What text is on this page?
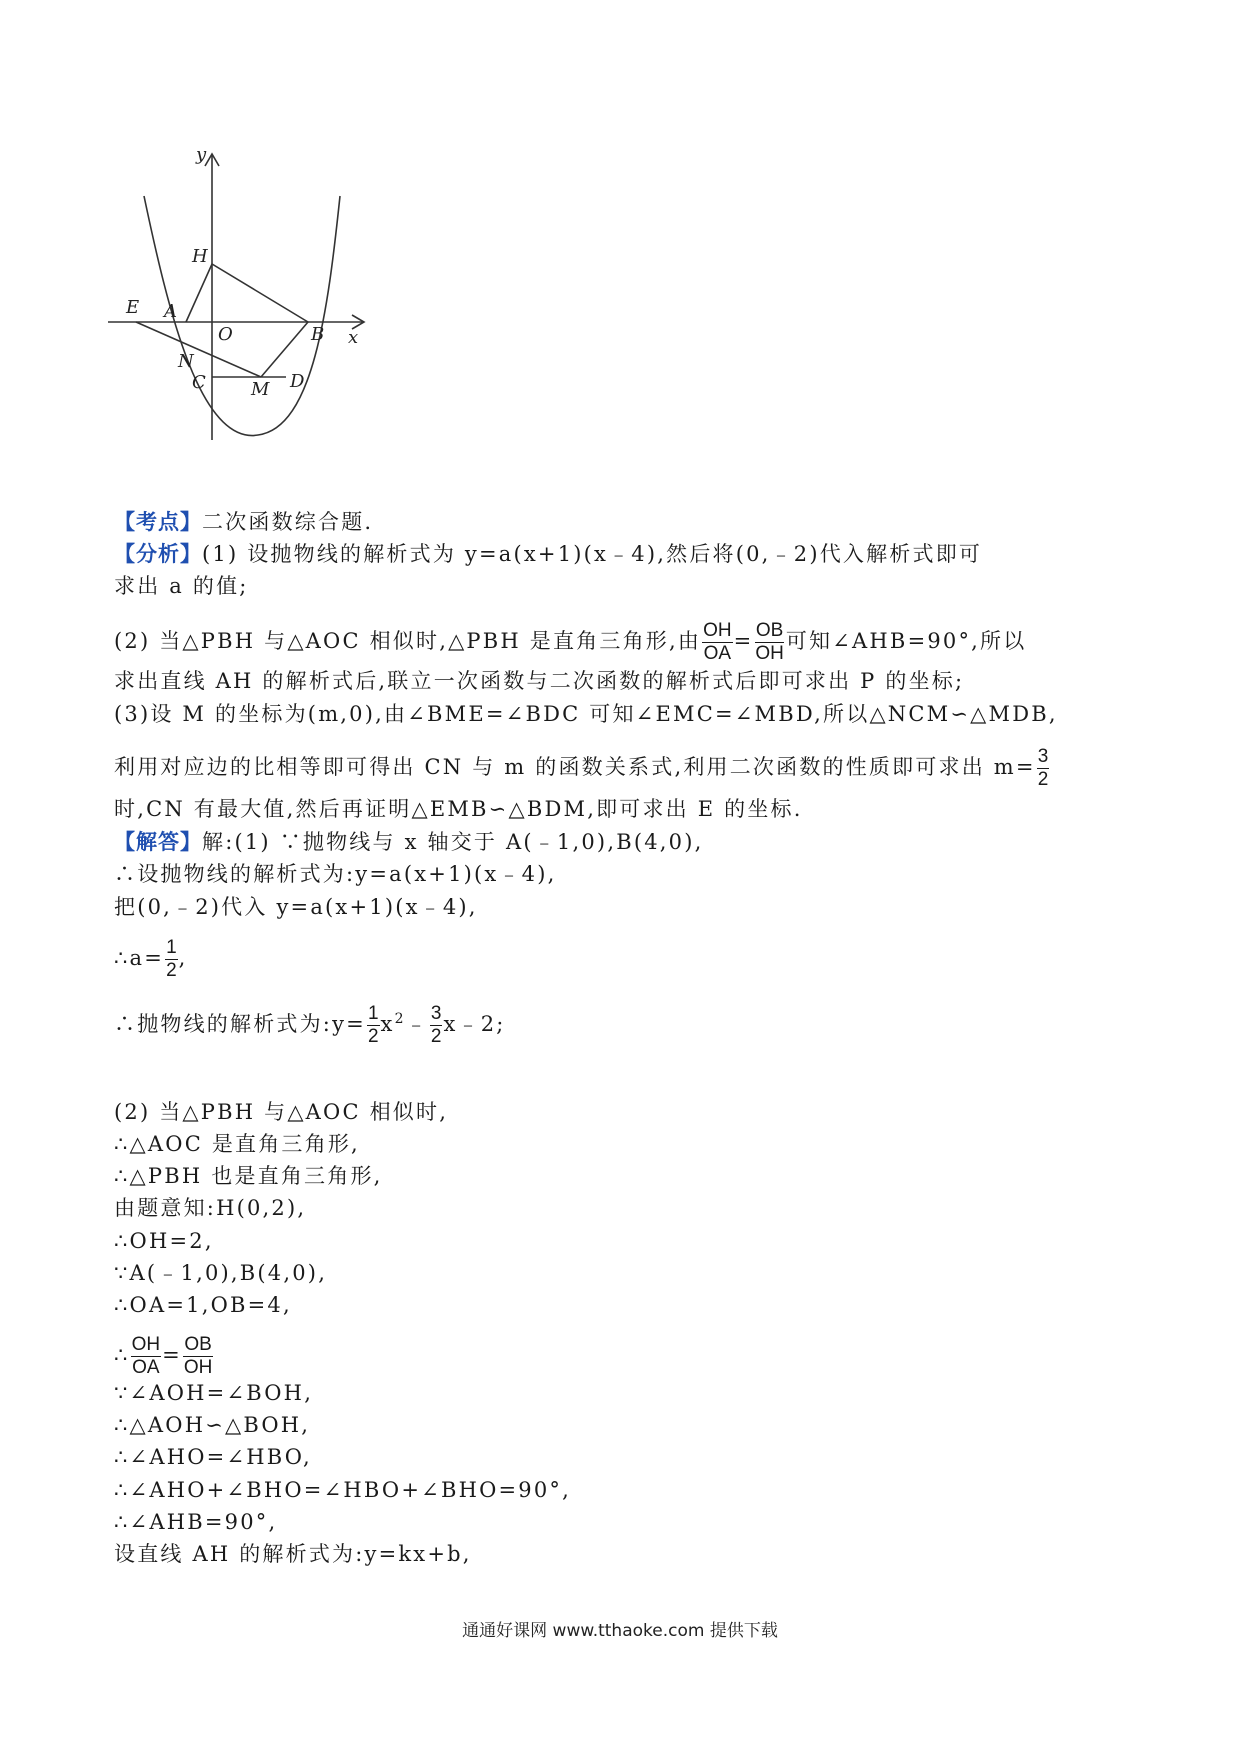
y
H
E A
O	B x
N
C	M D
【考点】二次函数综合题.
【分析】(1) 设抛物线的解析式为 y=a(x+1)(x﹣4),然后将(0,﹣2)代入解析式即可
求出 a 的值;
(2) 当△PBH 与△AOC 相似时,△PBH 是直角三角形,由 $\frac{OH}{OA} = \frac{OB}{OH}$ 可知∠AHB=90°,所以
求出直线 AH 的解析式后,联立一次函数与二次函数的解析式后即可求出 P 的坐标;
(3)设 M 的坐标为(m,0),由∠BME=∠BDC 可知∠EMC=∠MBD,所以△NCM∽△MDB,
利用对应边的比相等即可得出 CN 与 m 的函数关系式,利用二次函数的性质即可求出 $m= \frac{3}{2}$
时,CN 有最大值,然后再证明△EMB∽△BDM,即可求出 E 的坐标.
【解答】解:(1) ∵抛物线与 x 轴交于 A(﹣1,0),B(4,0),
∴设抛物线的解析式为:y=a(x+1)(x﹣4),
把(0,﹣2)代入 y=a(x+1)(x﹣4),
∴a= $\frac{1}{2}$ ,
∴抛物线的解析式为:y= $\frac{1}{2}$ $x^2﹣ \frac{3}{2}$ x﹣2;
(2) 当△PBH 与△AOC 相似时,
∴△AOC 是直角三角形,
∴△PBH 也是直角三角形,
由题意知:H(0,2),
∴OH=2,
∵A(﹣1,0),B(4,0),
∴OA=1,OB=4,
∴ $\frac{OH}{OA} = \frac{OB}{OH}$
∵∠AOH=∠BOH,
∴△AOH∽△BOH,
∴∠AHO=∠HBO,
∴∠AHO+∠BHO=∠HBO+∠BHO=90°,
∴∠AHB=90°,
设直线 AH 的解析式为:y=kx+b,
通通好课网 www.tthaoke.com 提供下载
